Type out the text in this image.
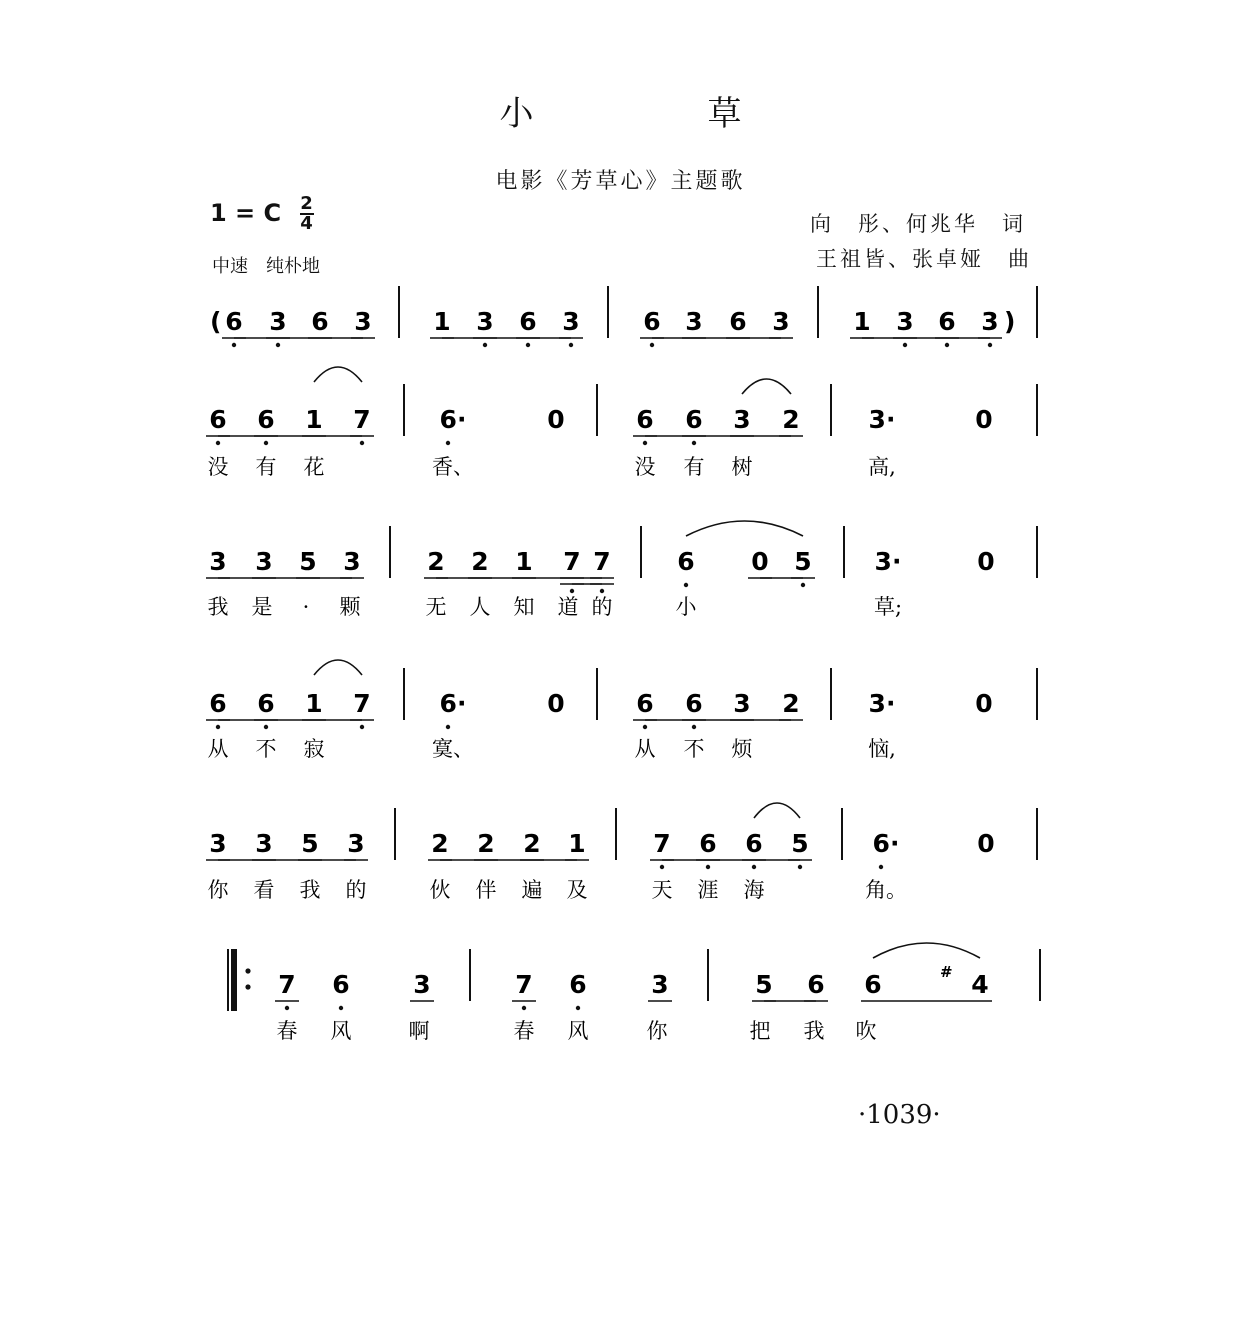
小　草
电影《芳草心》主题歌
1 = C $\frac{2}{4}$
中速　纯朴地
向　彤、何兆华　词
王祖皆、张卓娅　曲
(	)
6 3 6 3 1 3 6 3	6 3 6 3	1 3 6 3
6 6 1 7	6·	0	6 6 3 2	3·	0
没 有 花	香、	没 有 树	高,
3 3 5 3	2 2 1 7 7	6 0 5	3·	0
我 是 · 颗	无 人 知 道 的	小	草;
6 6 1 7	6·	0	6 6 3 2	3·	0
从 不 寂	寞、	从 不 烦	恼,
3 3 5 3	2 2 2 1	7 6 6 5	6·	0
你 看 我 的	伙 伴 遍 及	天 涯 海	角。
7 6	3	7 6	3	5 6 6	4
#
春 风	啊	春 风	你	把 我 吹
·1039·
